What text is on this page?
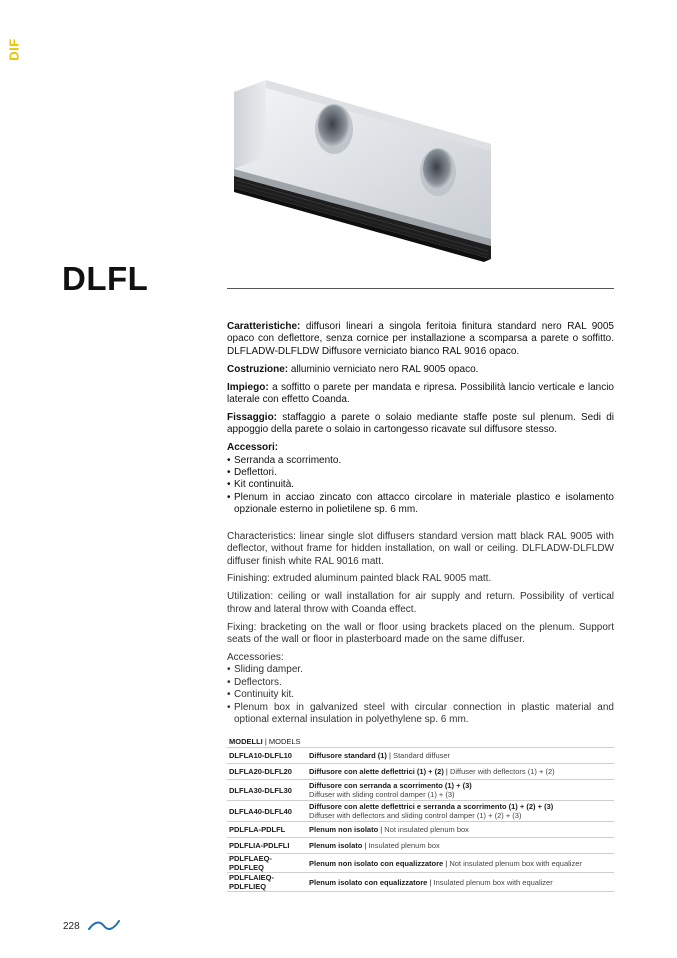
DIF
DLFL

Caratteristiche: diffusori lineari a singola feritoia finitura standard nero RAL 9005 opaco con deflettore, senza cornice per installazione a scomparsa a parete o soffitto. DLFLADW-DLFLDW Diffusore verniciato bianco RAL 9016 opaco.

Costruzione: alluminio verniciato nero RAL 9005 opaco.

Impiego: a soffitto o parete per mandata e ripresa. Possibilità lancio verticale e lancio laterale con effetto Coanda.

Fissaggio: staffaggio a parete o solaio mediante staffe poste sul plenum. Sedi di appoggio della parete o solaio in cartongesso ricavate sul diffusore stesso.

Accessori:
• Serranda a scorrimento.
• Deflettori.
• Kit continuità.
• Plenum in acciao zincato con attacco circolare in materiale plastico e isolamento opzionale esterno in polietilene sp. 6 mm.

Characteristics: linear single slot diffusers standard version matt black RAL 9005 with deflector, without frame for hidden installation, on wall or ceiling. DLFLADW-DLFLDW diffuser finish white RAL 9016 matt.

Finishing: extruded aluminum painted black RAL 9005 matt.

Utilization: ceiling or wall installation for air supply and return. Possibility of vertical throw and lateral throw with Coanda effect.

Fixing: bracketing on the wall or floor using brackets placed on the plenum. Support seats of the wall or floor in plasterboard made on the same diffuser.

Accessories:
• Sliding damper.
• Deflectors.
• Continuity kit.
• Plenum box in galvanized steel with circular connection in plastic material and optional external insulation in polyethylene sp. 6 mm.
MODELLI | MODELS	
DLFLA10-DLFL10	Diffusore standard (1) | Standard diffuser
DLFLA20-DLFL20	Diffusore con alette deflettrici (1) + (2) | Diffuser with deflectors (1) + (2)
DLFLA30-DLFL30	Diffusore con serranda a scorrimento (1) + (3)
Diffuser with sliding control damper (1) + (3)
DLFLA40-DLFL40	Diffusore con alette deflettrici e serranda a scorrimento (1) + (2) + (3)
Diffuser with deflectors and sliding control damper (1) + (2) + (3)
PDLFLA-PDLFL	Plenum non isolato | Not insulated plenum box
PDLFLIA-PDLFLI	Plenum isolato | Insulated plenum box
PDLFLAEQ-PDLFLEQ	Plenum non isolato con equalizzatore | Not insulated plenum box with equalizer
PDLFLAIEQ-PDLFLIEQ	Plenum isolato con equalizzatore | Insulated plenum box with equalizer
228
